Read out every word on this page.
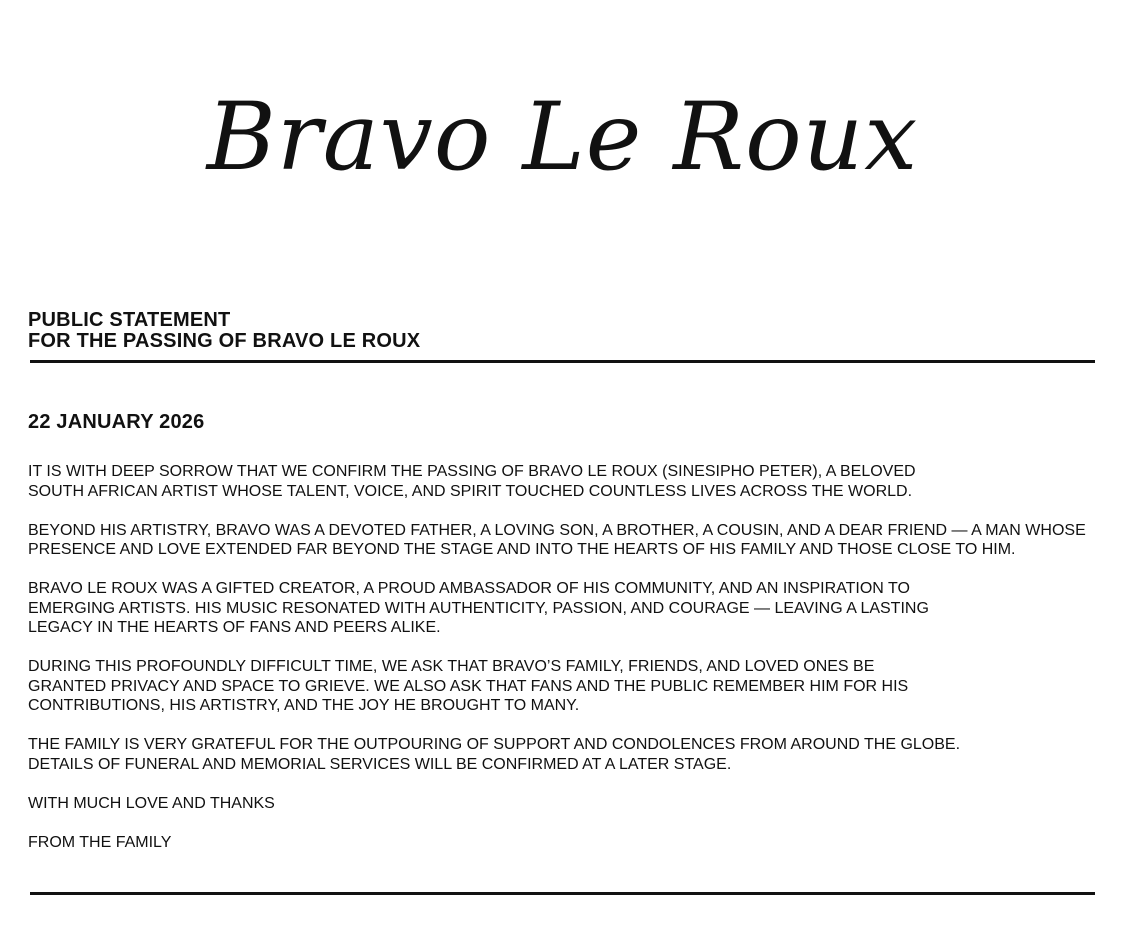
Bravo Le Roux
PUBLIC STATEMENT
FOR THE PASSING OF BRAVO LE ROUX
22 JANUARY 2026
IT IS WITH DEEP SORROW THAT WE CONFIRM THE PASSING OF BRAVO LE ROUX (SINESIPHO PETER), A BELOVED
SOUTH AFRICAN ARTIST WHOSE TALENT, VOICE, AND SPIRIT TOUCHED COUNTLESS LIVES ACROSS THE WORLD.
BEYOND HIS ARTISTRY, BRAVO WAS A DEVOTED FATHER, A LOVING SON, A BROTHER, A COUSIN, AND A DEAR FRIEND — A MAN WHOSE
PRESENCE AND LOVE EXTENDED FAR BEYOND THE STAGE AND INTO THE HEARTS OF HIS FAMILY AND THOSE CLOSE TO HIM.
BRAVO LE ROUX WAS A GIFTED CREATOR, A PROUD AMBASSADOR OF HIS COMMUNITY, AND AN INSPIRATION TO
EMERGING ARTISTS. HIS MUSIC RESONATED WITH AUTHENTICITY, PASSION, AND COURAGE — LEAVING A LASTING
LEGACY IN THE HEARTS OF FANS AND PEERS ALIKE.
DURING THIS PROFOUNDLY DIFFICULT TIME, WE ASK THAT BRAVO’S FAMILY, FRIENDS, AND LOVED ONES BE
GRANTED PRIVACY AND SPACE TO GRIEVE. WE ALSO ASK THAT FANS AND THE PUBLIC REMEMBER HIM FOR HIS
CONTRIBUTIONS, HIS ARTISTRY, AND THE JOY HE BROUGHT TO MANY.
THE FAMILY IS VERY GRATEFUL FOR THE OUTPOURING OF SUPPORT AND CONDOLENCES FROM AROUND THE GLOBE.
DETAILS OF FUNERAL AND MEMORIAL SERVICES WILL BE CONFIRMED AT A LATER STAGE.
WITH MUCH LOVE AND THANKS
FROM THE FAMILY
